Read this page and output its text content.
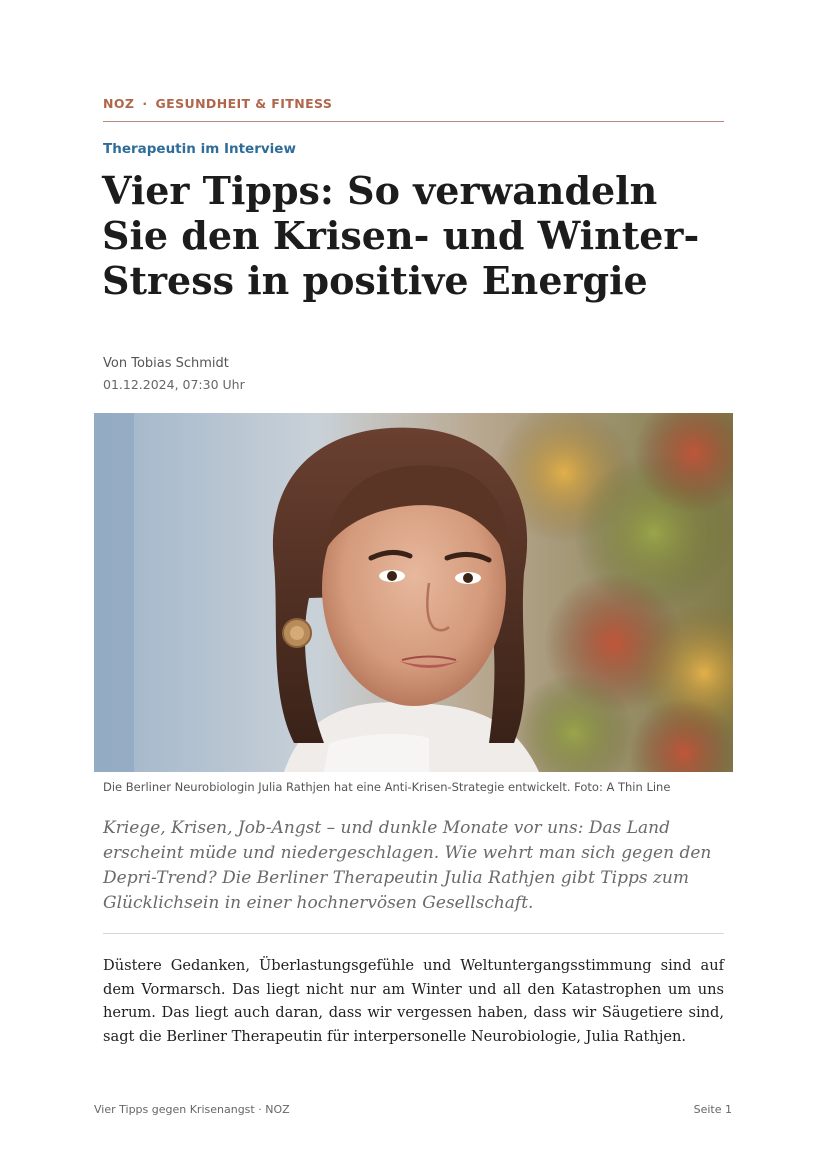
NOZ · GESUNDHEIT & FITNESS
Therapeutin im Interview
Vier Tipps: So verwandeln Sie den Krisen- und Winter-Stress in positive Energie
Von Tobias Schmidt
01.12.2024, 07:30 Uhr
Die Berliner Neurobiologin Julia Rathjen hat eine Anti-Krisen-Strategie entwickelt. Foto: A Thin Line

Kriege, Krisen, Job-Angst – und dunkle Monate vor uns: Das Land erscheint müde und niedergeschlagen. Wie wehrt man sich gegen den Depri-Trend? Die Berliner Therapeutin Julia Rathjen gibt Tipps zum Glücklichsein in einer hochnervösen Gesellschaft.

Düstere Gedanken, Überlastungsgefühle und Weltuntergangsstimmung sind auf dem Vormarsch. Das liegt nicht nur am Winter und all den Katastrophen um uns herum. Das liegt auch daran, dass wir vergessen haben, dass wir Säugetiere sind, sagt die Berliner Therapeutin für interpersonelle Neurobiologie, Julia Rathjen.

Vier Tipps gegen Krisenangst · NOZ	Seite 1
